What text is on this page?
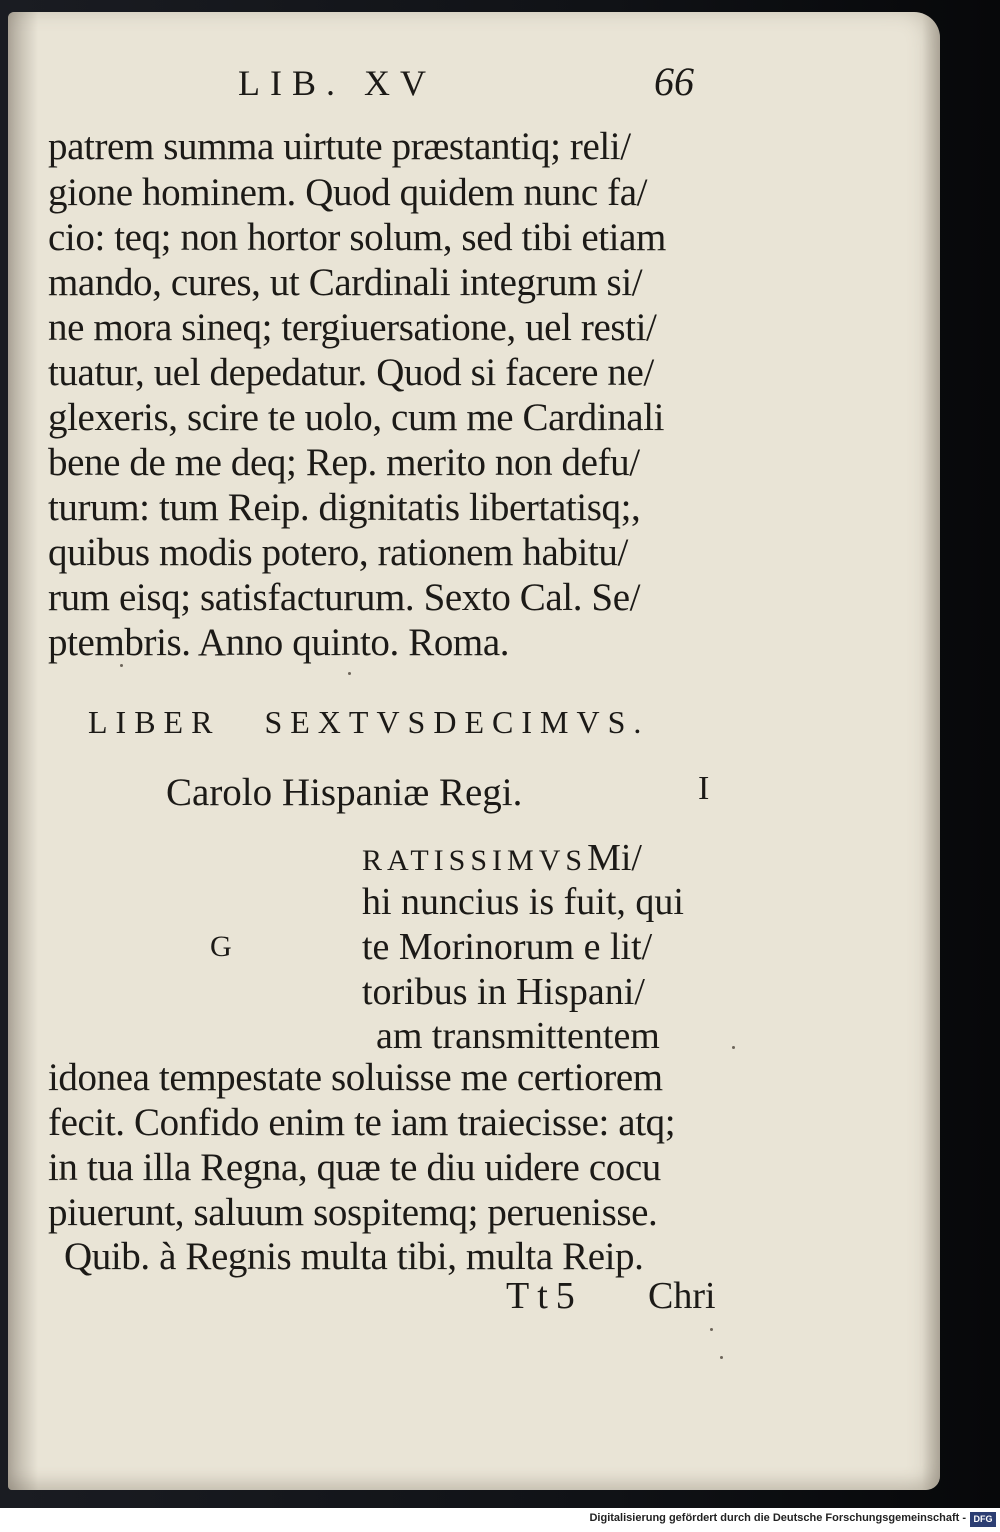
LIB. XV	66
patrem summa uirtute præstantiq; reli/
gione hominem. Quod quidem nunc fa/
cio: teq; non hortor solum, sed tibi etiam
mando, cures, ut Cardinali integrum si/
ne mora sineq; tergiuersatione, uel resti/
tuatur, uel depedatur. Quod si facere ne/
glexeris, scire te uolo, cum me Cardinali
bene de me deq; Rep. merito non defu/
turum: tum Reip. dignitatis libertatisq;,
quibus modis potero, rationem habitu/
rum eisq; satisfacturum. Sexto Cal. Se/
ptembris. Anno quinto. Roma.
LIBER SEXTVSDECIMVS.
Carolo Hispaniæ Regi.	I
G
RATISSIMVSMi/
hi nuncius is fuit, qui
te Morinorum e lit/
toribus in Hispani/
am transmittentem
idonea tempestate soluisse me certiorem
fecit. Confido enim te iam traiecisse: atq;
in tua illa Regna, quæ te diu uidere cocu
piuerunt, saluum sospitemq; peruenisse.
Quib. à Regnis multa tibi, multa Reip.
Tt5 Chri
Digitalisierung gefördert durch die Deutsche Forschungsgemeinschaft - DFG
